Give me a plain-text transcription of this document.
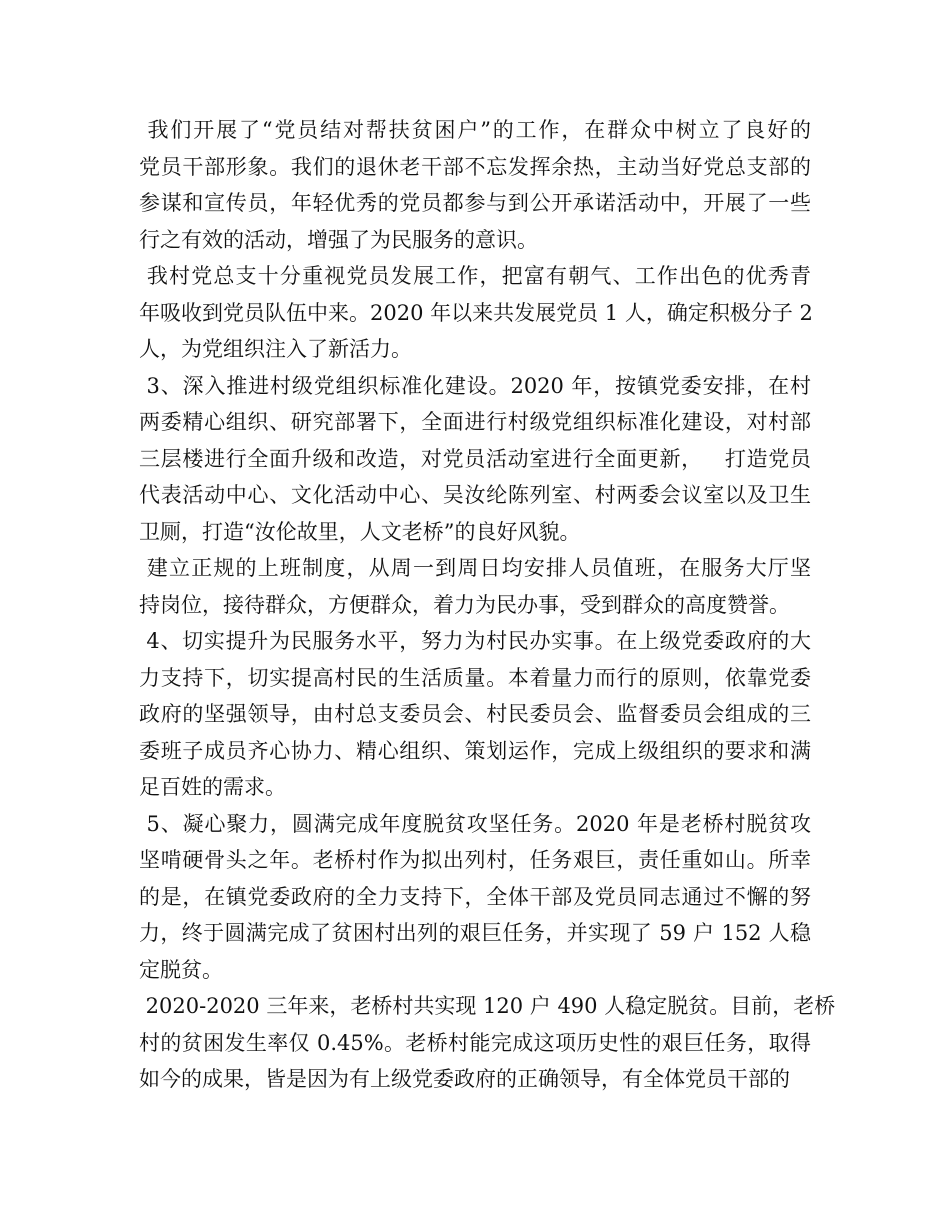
我们开展了“党员结对帮扶贫困户”的工作，在群众中树立了良好的
党员干部形象。我们的退休老干部不忘发挥余热，主动当好党总支部的
参谋和宣传员，年轻优秀的党员都参与到公开承诺活动中，开展了一些
行之有效的活动，增强了为民服务的意识。
我村党总支十分重视党员发展工作，把富有朝气、工作出色的优秀青
年吸收到党员队伍中来。2020 年以来共发展党员 1 人，确定积极分子 2
人，为党组织注入了新活力。
3、深入推进村级党组织标准化建设。2020 年，按镇党委安排，在村
两委精心组织、研究部署下，全面进行村级党组织标准化建设，对村部
三层楼进行全面升级和改造，对党员活动室进行全面更新，   打造党员
代表活动中心、文化活动中心、吴汝纶陈列室、村两委会议室以及卫生
卫厕，打造“汝伦故里，人文老桥”的良好风貌。
建立正规的上班制度，从周一到周日均安排人员值班，在服务大厅坚
持岗位，接待群众，方便群众，着力为民办事，受到群众的高度赞誉。
4、切实提升为民服务水平，努力为村民办实事。在上级党委政府的大
力支持下，切实提高村民的生活质量。本着量力而行的原则，依靠党委
政府的坚强领导，由村总支委员会、村民委员会、监督委员会组成的三
委班子成员齐心协力、精心组织、策划运作，完成上级组织的要求和满
足百姓的需求。
5、凝心聚力，圆满完成年度脱贫攻坚任务。2020 年是老桥村脱贫攻
坚啃硬骨头之年。老桥村作为拟出列村，任务艰巨，责任重如山。所幸
的是，在镇党委政府的全力支持下，全体干部及党员同志通过不懈的努
力，终于圆满完成了贫困村出列的艰巨任务，并实现了 59 户 152 人稳
定脱贫。
2020-2020 三年来，老桥村共实现 120 户 490 人稳定脱贫。目前，老桥
村的贫困发生率仅 0.45%。老桥村能完成这项历史性的艰巨任务，取得
如今的成果，皆是因为有上级党委政府的正确领导，有全体党员干部的
